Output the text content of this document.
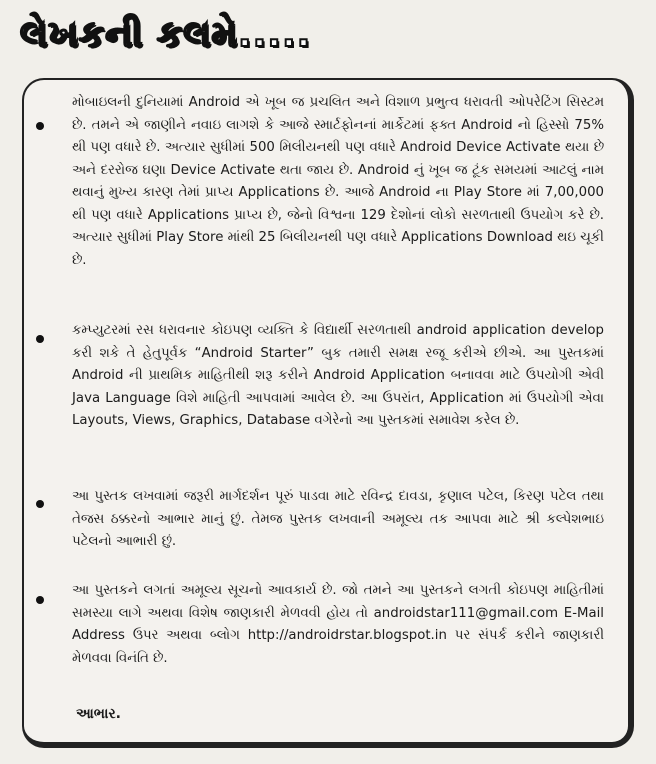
લેખકની કલમે.....

મોબાઇલની દુનિયામાં Android એ ખૂબ જ પ્રચલિત અને વિશાળ પ્રભુત્વ ધરાવતી ઓપરેટિંગ સિસ્ટમ છે. તમને એ જાણીને નવાઇ લાગશે કે આજે સ્માર્ટફોનનાં માર્કેટમાં ફક્ત Android નો હિસ્સો 75% થી પણ વધારે છે. અત્યાર સુધીમાં 500 મિલીયનથી પણ વધારે Android Device Activate થયા છે અને દરરોજ ઘણા Device Activate થતા જાય છે. Android નું ખૂબ જ ટૂંક સમયમાં આટલું નામ થવાનું મુખ્ય કારણ તેમાં પ્રાપ્ય Applications છે. આજે Android ના Play Store માં 7,00,000 થી પણ વધારે Applications પ્રાપ્ય છે, જેનો વિશ્વના 129 દેશોનાં લોકો સરળતાથી ઉપયોગ કરે છે. અત્યાર સુધીમાં Play Store માંથી 25 બિલીયનથી પણ વધારે Applications Download થઇ ચૂકી છે.

કમ્પ્યુટરમાં રસ ધરાવનાર કોઇપણ વ્યક્તિ કે વિદ્યાર્થી સરળતાથી android application develop કરી શકે તે હેતુપૂર્વક “Android Starter” બુક તમારી સમક્ષ રજૂ કરીએ છીએ. આ પુસ્તકમાં Android ની પ્રાથમિક માહિતીથી શરૂ કરીને Android Application બનાવવા માટે ઉપયોગી એવી Java Language વિશે માહિતી આપવામાં આવેલ છે. આ ઉપરાંત, Application માં ઉપયોગી એવા Layouts, Views, Graphics, Database વગેરેનો આ પુસ્તકમાં સમાવેશ કરેલ છે.

આ પુસ્તક લખવામાં જરૂરી માર્ગદર્શન પૂરું પાડવા માટે રવિન્દ્ર દાવડા, કૃણાલ પટેલ, કિરણ પટેલ તથા તેજસ ઠક્કરનો આભાર માનું છું. તેમજ પુસ્તક લખવાની અમૂલ્ય તક આપવા માટે શ્રી કલ્પેશભાઇ પટેલનો આભારી છું.

આ પુસ્તકને લગતાં અમૂલ્ય સૂચનો આવકાર્ય છે. જો તમને આ પુસ્તકને લગતી કોઇપણ માહિતીમાં સમસ્યા લાગે અથવા વિશેષ જાણકારી મેળવવી હોય તો androidstar111@gmail.com E-Mail Address ઉપર અથવા બ્લોગ http://androidrstar.blogspot.in પર સંપર્ક કરીને જાણકારી મેળવવા વિનંતિ છે.

આભાર.
